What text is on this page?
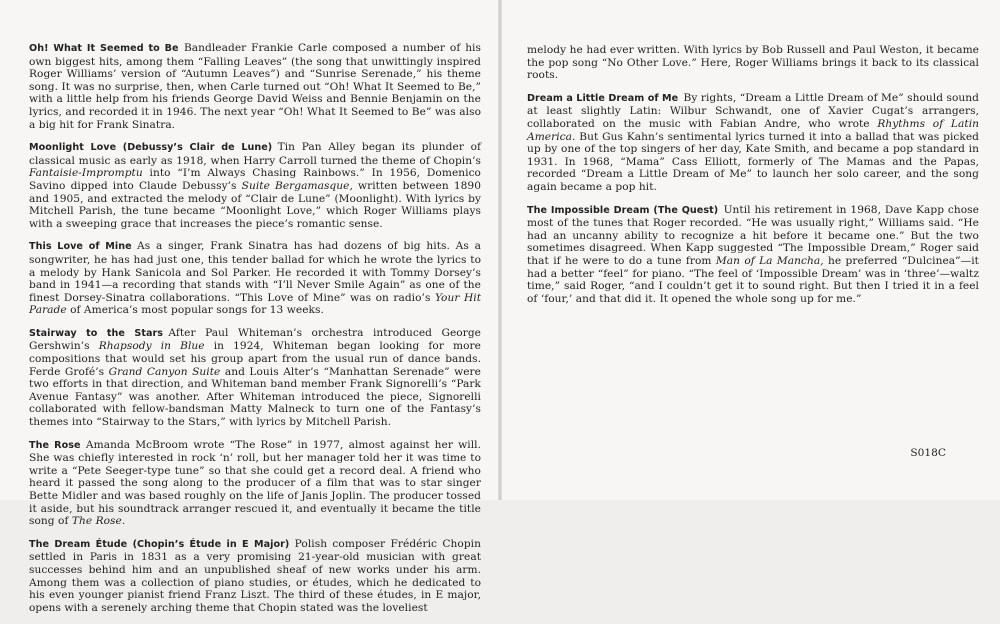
Oh! What It Seemed to Be  Bandleader Frankie Carle composed a number of his own biggest hits, among them “Falling Leaves” (the song that unwittingly inspired Roger Williams’ version of “Autumn Leaves”) and “Sunrise Serenade,” his theme song. It was no surprise, then, when Carle turned out “Oh! What It Seemed to Be,” with a little help from his friends George David Weiss and Bennie Benjamin on the lyrics, and recorded it in 1946. The next year “Oh! What It Seemed to Be” was also a big hit for Frank Sinatra.

Moonlight Love (Debussy’s Clair de Lune)  Tin Pan Alley began its plunder of classical music as early as 1918, when Harry Carroll turned the theme of Chopin’s Fantaisie-Impromptu into “I’m Always Chasing Rainbows.” In 1956, Domenico Savino dipped into Claude Debussy’s Suite Bergamasque, written between 1890 and 1905, and extracted the melody of “Clair de Lune” (Moonlight). With lyrics by Mitchell Parish, the tune became “Moonlight Love,” which Roger Williams plays with a sweeping grace that increases the piece’s romantic sense.

This Love of Mine  As a singer, Frank Sinatra has had dozens of big hits. As a songwriter, he has had just one, this tender ballad for which he wrote the lyrics to a melody by Hank Sanicola and Sol Parker. He recorded it with Tommy Dorsey’s band in 1941—a recording that stands with “I’ll Never Smile Again” as one of the finest Dorsey-Sinatra collaborations. “This Love of Mine” was on radio’s Your Hit Parade of America’s most popular songs for 13 weeks.

Stairway to the Stars  After Paul Whiteman’s orchestra introduced George Gershwin’s Rhapsody in Blue in 1924, Whiteman began looking for more compositions that would set his group apart from the usual run of dance bands. Ferde Grofé’s Grand Canyon Suite and Louis Alter’s “Manhattan Serenade” were two efforts in that direction, and Whiteman band member Frank Signorelli’s “Park Avenue Fantasy” was another. After Whiteman introduced the piece, Signorelli collaborated with fellow-bandsman Matty Malneck to turn one of the Fantasy’s themes into “Stairway to the Stars,” with lyrics by Mitchell Parish.

The Rose  Amanda McBroom wrote “The Rose” in 1977, almost against her will. She was chiefly interested in rock ‘n’ roll, but her manager told her it was time to write a “Pete Seeger-type tune” so that she could get a record deal. A friend who heard it passed the song along to the producer of a film that was to star singer Bette Midler and was based roughly on the life of Janis Joplin. The producer tossed it aside, but his soundtrack arranger rescued it, and eventually it became the title song of The Rose.

The Dream Étude (Chopin’s Étude in E Major)  Polish composer Frédéric Chopin settled in Paris in 1831 as a very promising 21-year-old musician with great successes behind him and an unpublished sheaf of new works under his arm. Among them was a collection of piano studies, or études, which he dedicated to his even younger pianist friend Franz Liszt. The third of these études, in E major, opens with a serenely arching theme that Chopin stated was the loveliest

melody he had ever written. With lyrics by Bob Russell and Paul Weston, it became the pop song “No Other Love.” Here, Roger Williams brings it back to its classical roots.

Dream a Little Dream of Me  By rights, “Dream a Little Dream of Me” should sound at least slightly Latin: Wilbur Schwandt, one of Xavier Cugat’s arrangers, collaborated on the music with Fabian Andre, who wrote Rhythms of Latin America. But Gus Kahn’s sentimental lyrics turned it into a ballad that was picked up by one of the top singers of her day, Kate Smith, and became a pop standard in 1931. In 1968, “Mama” Cass Elliott, formerly of The Mamas and the Papas, recorded “Dream a Little Dream of Me” to launch her solo career, and the song again became a pop hit.

The Impossible Dream (The Quest)  Until his retirement in 1968, Dave Kapp chose most of the tunes that Roger recorded. “He was usually right,” Williams said. “He had an uncanny ability to recognize a hit before it became one.” But the two sometimes disagreed. When Kapp suggested “The Impossible Dream,” Roger said that if he were to do a tune from Man of La Mancha, he preferred “Dulcinea”—it had a better “feel” for piano. “The feel of ‘Impossible Dream’ was in ‘three’—waltz time,” said Roger, “and I couldn’t get it to sound right. But then I tried it in a feel of ‘four,’ and that did it. It opened the whole song up for me.”

S018C
